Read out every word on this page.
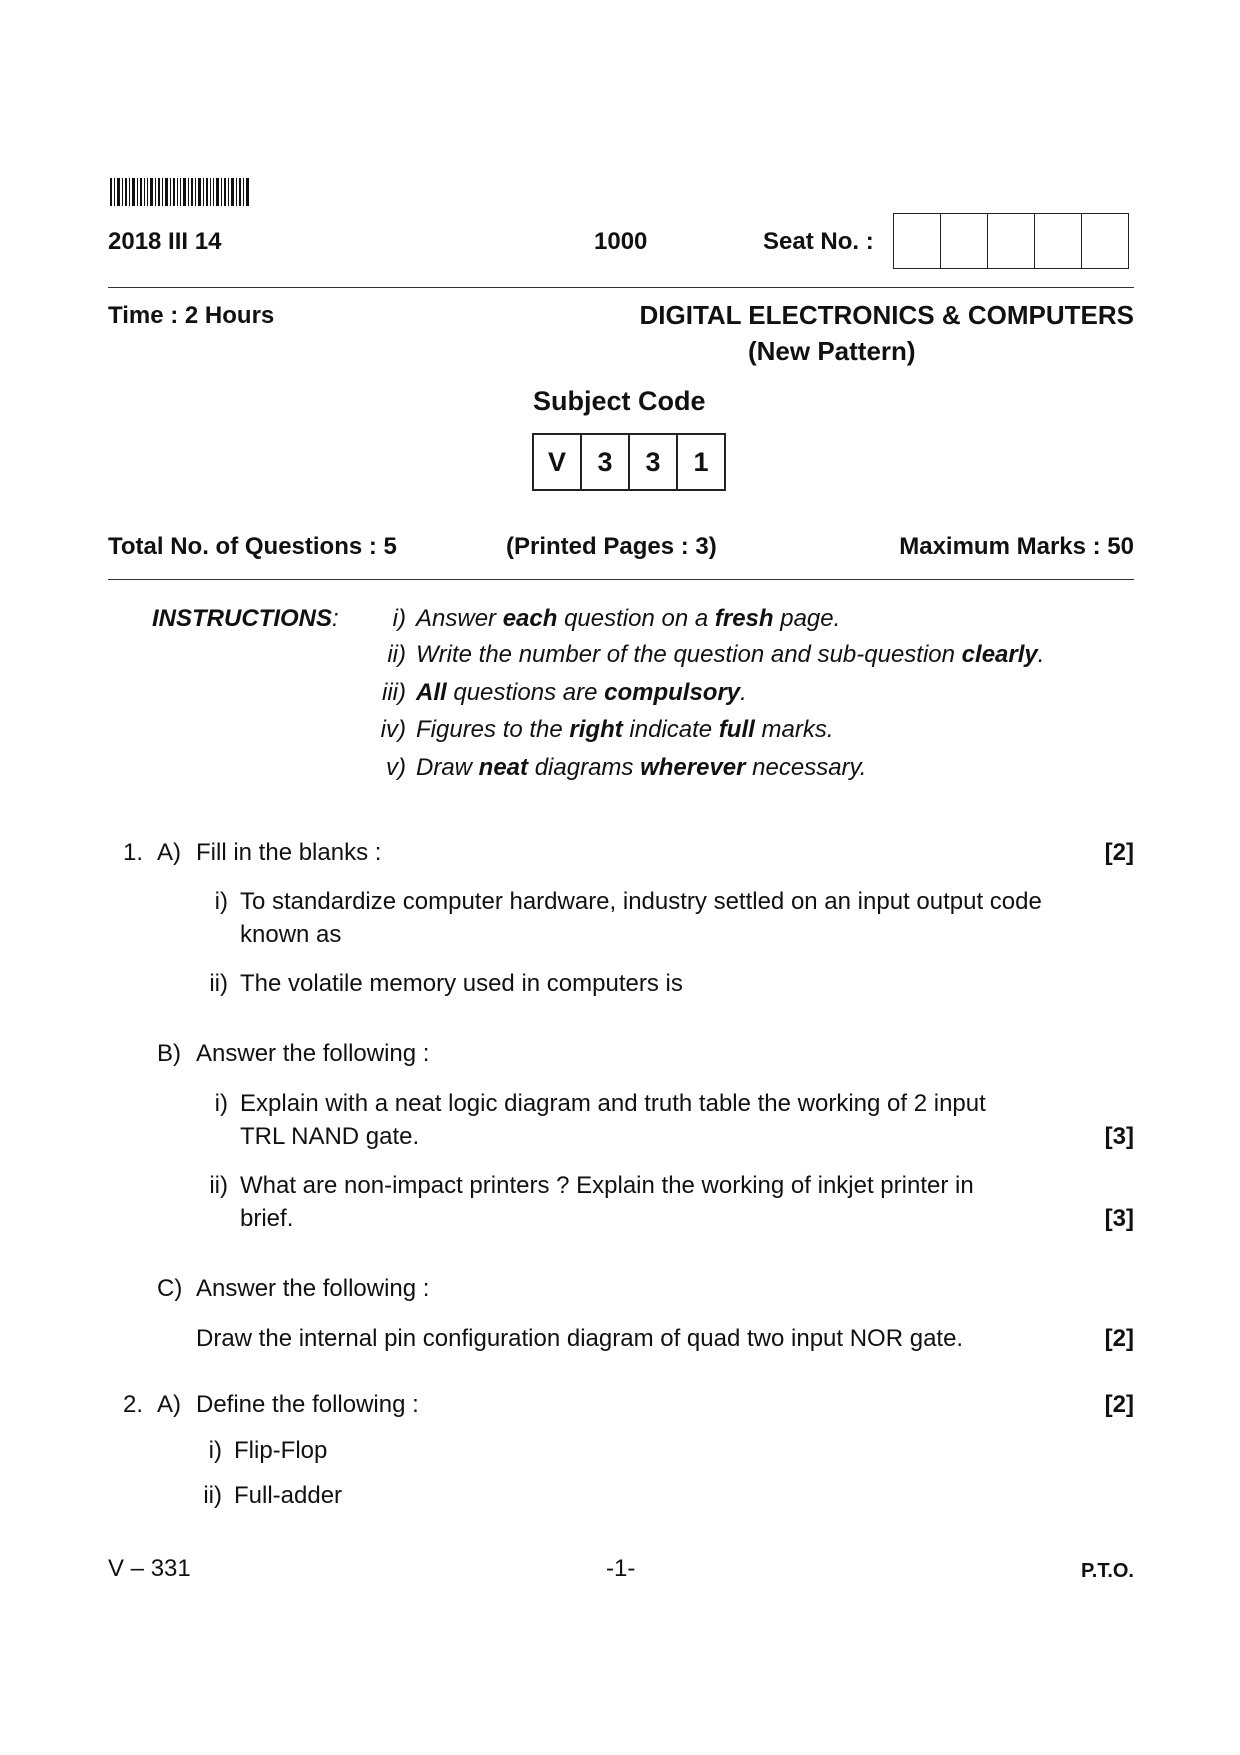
2018 III 14	1000	Seat No. :
Time : 2 Hours	DIGITAL ELECTRONICS & COMPUTERS
(New Pattern)
Subject Code
V	3	3	1
Total No. of Questions : 5	(Printed Pages : 3)	Maximum Marks : 50
INSTRUCTIONS:	i) Answer each question on a fresh page.
ii) Write the number of the question and sub-question clearly.
iii) All questions are compulsory.
iv) Figures to the right indicate full marks.
v) Draw neat diagrams wherever necessary.
1. A) Fill in the blanks :	[2]
i) To standardize computer hardware, industry settled on an input output code
known as
ii) The volatile memory used in computers is
B) Answer the following :
i) Explain with a neat logic diagram and truth table the working of 2 input
TRL NAND gate.	[3]
ii) What are non-impact printers ? Explain the working of inkjet printer in
brief.	[3]
C) Answer the following :
Draw the internal pin configuration diagram of quad two input NOR gate.	[2]
2. A) Define the following :	[2]
i) Flip-Flop
ii) Full-adder
V – 331	-1-	P.T.O.
